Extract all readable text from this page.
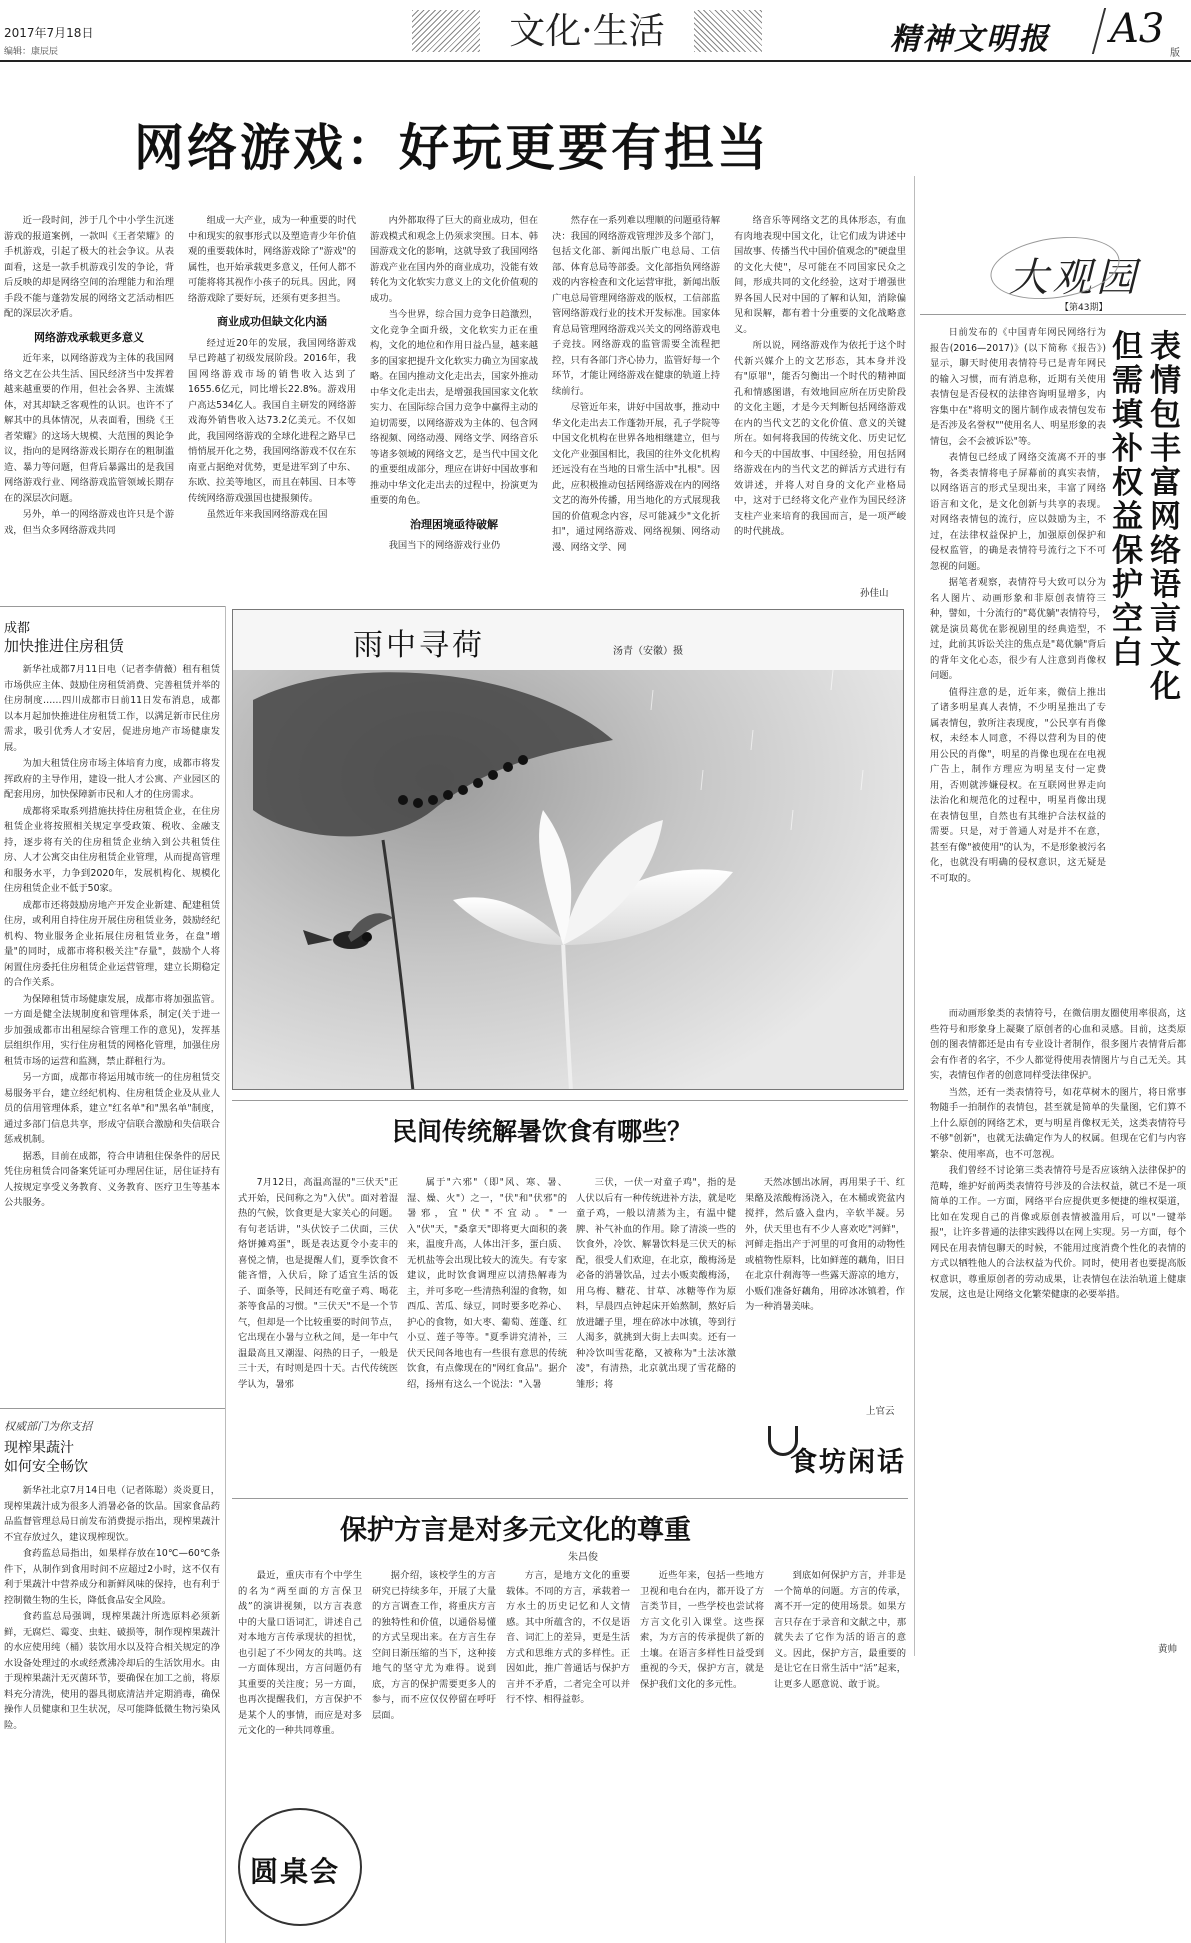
2017年7月18日
编辑：康辰辰	文化·生活	精神文明报 A3
版
网络游戏：好玩更要有担当

近一段时间，涉于几个中小学生沉迷游戏的报道案例，一款叫《王者荣耀》的手机游戏，引起了极大的社会争议。从表面看，这是一款手机游戏引发的争论，背后反映的却是网络空间的治理能力和治理手段不能与蓬勃发展的网络文艺活动相匹配的深层次矛盾。

网络游戏承载更多意义

近年来，以网络游戏为主体的我国网络文艺在公共生活、国民经济当中发挥着越来越重要的作用，但社会各界、主流媒体，对其却缺乏客观性的认识。也许不了解其中的具体情况，从表面看，围绕《王者荣耀》的这场大规模、大范围的舆论争议，指向的是网络游戏长期存在的粗制滥造、暴力等问题，但背后暴露出的是我国网络游戏行业、网络游戏监管领域长期存在的深层次问题。

另外，单一的网络游戏也许只是个游戏，但当众多网络游戏共同

组成一大产业，成为一种重要的时代中和现实的叙事形式以及塑造青少年价值观的重要载体时，网络游戏除了"游戏"的属性，也开始承载更多意义，任何人都不可能将将其视作小孩子的玩具。因此，网络游戏除了要好玩，还须有更多担当。

商业成功但缺文化内涵

经过近20年的发展，我国网络游戏早已跨越了初级发展阶段。2016年，我国网络游戏市场的销售收入达到了1655.6亿元，同比增长22.8%。游戏用户高达534亿人。我国自主研发的网络游戏海外销售收入达73.2亿美元。不仅如此，我国网络游戏的全球化进程之路早已悄悄展开化之势，我国网络游戏不仅在东南亚占据绝对优势，更是进军到了中东、东欧、拉美等地区，而且在韩国、日本等传统网络游戏强国也捷报频传。

虽然近年来我国网络游戏在国

内外都取得了巨大的商业成功，但在游戏模式和观念上仍须求突围。日本、韩国游戏文化的影响，这就导致了我国网络游戏产业在国内外的商业成功，没能有效转化为文化软实力意义上的文化价值观的成功。

当今世界，综合国力竞争日趋激烈，文化竞争全面升级，文化软实力正在重构，文化的地位和作用日益凸显，越来越多的国家把提升文化软实力确立为国家战略。在国内推动文化走出去，国家外推动中华文化走出去，是增强我国国家文化软实力、在国际综合国力竞争中赢得主动的迫切需要，以网络游戏为主体的、包含网络视频、网络动漫、网络文学、网络音乐等诸多领域的网络文艺，是当代中国文化的重要组成部分，理应在讲好中国故事和推动中华文化走出去的过程中，扮演更为重要的角色。

治理困境亟待破解

我国当下的网络游戏行业仍

然存在一系列难以理顺的问题亟待解决：我国的网络游戏管理涉及多个部门，包括文化部、新闻出版广电总局、工信部、体育总局等部委。文化部指负网络游戏的内容检查和文化运营审批，新闻出版广电总局管理网络游戏的版权，工信部监管网络游戏行业的技术开发标准。国家体育总局管理网络游戏兴关文的网络游戏电子竞技。网络游戏的监管需要全流程把控，只有各部门齐心协力，监管好每一个环节，才能让网络游戏在健康的轨道上持续前行。

尽管近年来，讲好中国故事，推动中华文化走出去工作蓬勃开展，孔子学院等中国文化机构在世界各地相继建立，但与文化产业强国相比，我国的往外文化机构还远没有在当地的日常生活中"扎根"。因此，应积极推动包括网络游戏在内的网络文艺的海外传播，用当地化的方式展现我国的价值观念内容，尽可能减少"文化折扣"，通过网络游戏、网络视频、网络动漫、网络文学、网

络音乐等网络文艺的具体形态，有血有肉地表现中国文化，让它们成为讲述中国故事、传播当代中国价值观念的"硬盘里的文化大使"，尽可能在不同国家民众之间，形成共同的文化经验，这对于增强世界各国人民对中国的了解和认知，消除偏见和误解，都有着十分重要的文化战略意义。

所以说，网络游戏作为依托于这个时代新兴媒介上的文艺形态，其本身并没有"原罪"，能否匀衡出一个时代的精神面孔和情感图谱，有效地回应所在历史阶段的文化主题，才是今天判断包括网络游戏在内的当代文艺的文化价值、意义的关键所在。如何将我国的传统文化、历史记忆和今天的中国故事、中国经验，用包括网络游戏在内的当代文艺的鲜活方式进行有效讲述，并将人对自身的文化产业格局中，这对于已经将文化产业作为国民经济支柱产业来培育的我国而言，是一项严峻的时代挑战。

孙佳山
大观园
【第43期】
表情包丰富网络语言文化
但需填补权益保护空白

日前发布的《中国青年网民网络行为报告(2016—2017)》(以下简称《报告》)显示，聊天时使用表情符号已是青年网民的输入习惯，而有消息称，近期有关使用表情包是否侵权的法律咨询明显增多，内容集中在"将明文的图片制作成表情包发布是否涉及名誉权""使用名人、明星形象的表情包，会不会被诉讼"等。

表情包已经成了网络交流离不开的事物，各类表情将电子屏幕前的真实表情，以网络语言的形式呈现出来，丰富了网络语言和文化，是文化创新与共享的表现。对网络表情包的流行，应以鼓励为主，不过，在法律权益保护上，加强原创保护和侵权监管，的确是表情符号流行之下不可忽视的问题。

据笔者观察，表情符号大致可以分为名人图片、动画形象和非原创表情符三种，譬如，十分流行的"葛优躺"表情符号，就是演员葛优在影视剧里的经典造型，不过，此前其诉讼关注的焦点是"葛优躺"背后的背年文化心态，很少有人注意到肖像权问题。

值得注意的是，近年来，微信上推出了诸多明星真人表情，不少明星推出了专属表情包，敦所注表现度，"公民享有肖像权，未经本人同意，不得以营利为目的使用公民的肖像"，明星的肖像也现在在电视广告上，制作方理应为明星支付一定费用，否则就涉嫌侵权。在互联网世界走向法治化和规范化的过程中，明星肖像出现在表情包里，自然也有其维护合法权益的需要。只是，对于普通人对是并不在意，甚至有像"被使用"的认为，不是形象被污名化，也就没有明确的侵权意识，这无疑是不可取的。

而动画形象类的表情符号，在微信朋友圈使用率很高，这些符号和形象身上凝聚了原创者的心血和灵感。目前，这类原创的图表情都还是由有专业设计者制作，很多图片表情背后都会有作者的名字，不少人都觉得使用表情图片与自己无关。其实，表情包作者的创意同样受法律保护。

当然，还有一类表情符号，如花草树木的图片，将日常事物随手一拍制作的表情包，甚至就是简单的失量图，它们算不上什么原创的网络艺术，更与明星肖像权无关，这类表情符号不够"创新"，也就无法确定作为人的权属。但现在它们与内容繁杂、使用率高，也不可忽视。

我们曾经不讨论第三类表情符号是否应该纳入法律保护的范畴，维护好前两类表情符号涉及的合法权益，就已不是一项简单的工作。一方面，网络平台应提供更多便捷的维权渠道，比如在发现自己的肖像或原创表情被滥用后，可以"一键举报"，让许多普通的法律实践得以在网上实现。另一方面，每个网民在用表情包聊天的时候，不能用过度消费个性化的表情的方式以牺牲他人的合法权益为代价。同时，使用者也要提高版权意识，尊重原创者的劳动成果，让表情包在法治轨道上健康发展，这也是让网络文化繁荣健康的必要举措。

黄帅
雨中寻荷	汤青（安徽）摄
成都
加快推进住房租赁

新华社成都7月11日电（记者李倩薇）租有租赁市场供应主体、鼓励住房租赁消费、完善租赁并举的住房制度……四川成都市日前11日发布消息，成都以本月起加快推进住房租赁工作，以满足新市民住房需求，吸引优秀人才安居，促进房地产市场健康发展。

为加大租赁住房市场主体培育力度，成都市将发挥政府的主导作用，建设一批人才公寓、产业园区的配套用房，加快保障新市民和人才的住房需求。

成都将采取系列措施扶持住房租赁企业，在住房租赁企业将按照相关规定享受政策、税收、金融支持，逐步将有关的住房租赁企业纳入到公共租赁住房、人才公寓交由住房租赁企业管理，从而提高管理和服务水平，力争到2020年，发展机构化、规模化住房租赁企业不低于50家。

成都市还将鼓励房地产开发企业新建、配建租赁住房，或利用自持住房开展住房租赁业务，鼓励经纪机构、物业服务企业拓展住房租赁业务，在盘"增量"的同时，成都市将积极关注"存量"，鼓励个人将闲置住房委托住房租赁企业运营管理，建立长期稳定的合作关系。

为保障租赁市场健康发展，成都市将加强监管。一方面是健全法规制度和管理体系，制定(关于进一步加强成都市出租屋综合管理工作的意见)，发挥基层组织作用，实行住房租赁的网格化管理，加强住房租赁市场的运营和监测，禁止群租行为。

另一方面，成都市将运用城市统一的住房租赁交易服务平台，建立经纪机构、住房租赁企业及从业人员的信用管理体系，建立"红名单"和"黑名单"制度，通过多部门信息共享，形成守信联合激励和失信联合惩戒机制。

据悉，目前在成都，符合申请租住保条件的居民凭住房租赁合同备案凭证可办理居住证，居住证持有人按规定享受义务教育、义务教育、医疗卫生等基本公共服务。

权威部门为你支招
现榨果蔬汁
如何安全畅饮

新华社北京7月14日电（记者陈聪）炎炎夏日，现榨果蔬汁成为很多人消暑必备的饮品。国家食品药品监督管理总局日前发布消费提示指出，现榨果蔬汁不宜存放过久，建议现榨现饮。

食药监总局指出，如果样存放在10℃—60℃条件下，从制作到食用时间不应超过2小时，这不仅有利于果蔬汁中营养成分和新鲜风味的保持，也有利于控制微生物的生长，降低食品安全风险。

食药监总局强调，现榨果蔬汁所选原料必须新鲜，无腐烂、霉变、虫蛀、破损等，制作现榨果蔬汁的水应使用纯（桶）装饮用水以及符合相关规定的净水设备处理过的水或经煮沸冷却后的生活饮用水。由于现榨果蔬汁无灭菌环节，要确保在加工之前，将原料充分清洗，使用的器具彻底清洁并定期消毒，确保操作人员健康和卫生状况，尽可能降低微生物污染风险。

民间传统解暑饮食有哪些？

7月12日，高温高湿的"三伏天"正式开始，民间称之为"入伏"。面对着湿热的气候，饮食更是大家关心的问题。有句老话讲，"头伏饺子二伏面，三伏烙饼摊鸡蛋"，既是表达夏令小麦丰的喜悦之情，也是提醒人们，夏季饮食不能吝惜，入伏后，除了适宜生活的饭子、面条等，民间还有吃童子鸡、喝花茶等食品的习惯。"三伏天"不是一个节气，但却是一个比较重要的时间节点，它出现在小暑与立秋之间，是一年中气温最高且又潮湿、闷热的日子，一般是三十天，有时则是四十天。古代传统医学认为，暑邪

属于"六邪"（即"风、寒、暑、湿、燥、火"）之一，"伏"和"伏邪"的暑邪，宜"伏"不宜动。"一入"伏"天，"桑拿天"即将更大面积的袭来，温度升高，人体出汗多，蛋白质、无机盐等会出现比较大的流失。有专家建议，此时饮食调理应以清热解毒为主，并可多吃一些清热利湿的食物，如西瓜、苦瓜、绿豆，同时要多吃养心、护心的食物，如大枣、葡萄、莲蓬、红小豆、莲子等等。"夏季讲究清补，三伏天民间各地也有一些很有意思的传统饮食，有点像现在的"网红食品"。据介绍，扬州有这么一个说法："入暑

三伏，一伏一对童子鸡"，指的是人伏以后有一种传统进补方法，就是吃童子鸡，一般以清蒸为主，有温中健脾、补气补血的作用。除了清淡一些的饮食外，冷饮、解暑饮料是三伏天的标配，很受人们欢迎，在北京，酸梅汤是必备的消暑饮品，过去小贩卖酸梅汤，用乌梅、糖花、甘草、冰糖等作为原料，早晨四点钟起床开始熬制，熬好后放进罐子里，埋在碎冰中冰镇，等到行人渴多，就挑到大街上去叫卖。还有一种冷饮叫雪花酪，又被称为"土法冰激凌"，有清热，北京就出现了雪花酪的雏形；将

天然冰刨出冰屑，再用果子干、红果酪及浓酸梅汤浇入，在木桶或瓷盆内搅拌，然后盛入盘内，辛软半凝。另外，伏天里也有不少人喜欢吃"河鲜"，河鲜走指出产于河里的可食用的动物性或植物性原料，比如鲜莲的藕角，旧日在北京什刹海等一些露天游凉的地方，小贩们准备好藕角，用碎冰冰镇着，作为一种消暑美味。

上官云
食坊闲话
保护方言是对多元文化的尊重
朱昌俊

最近，重庆市有个中学生的名为“两至面的方言保卫战”的演讲视频，以方言表意中的大量口语词汇，讲述自己对本地方言传承现状的担忧，也引起了不少网友的共鸣。这一方面体现出，方言问题仍有其重要的关注度；另一方面，也再次提醒我们，方言保护不是某个人的事情，而应是对多元文化的一种共同尊重。

据介绍，该校学生的方言研究已持续多年，开展了大量的方言调查工作，将重庆方言的独特性和价值，以通俗易懂的方式呈现出来。在方言生存空间日渐压缩的当下，这种接地气的坚守尤为难得。说到底，方言的保护需要更多人的参与，而不应仅仅停留在呼吁层面。

方言，是地方文化的重要载体。不同的方言，承载着一方水土的历史记忆和人文情感。其中所蕴含的，不仅是语音、词汇上的差异，更是生活方式和思维方式的多样性。正因如此，推广普通话与保护方言并不矛盾，二者完全可以并行不悖、相得益彰。

近些年来，包括一些地方卫视和电台在内，都开设了方言类节目，一些学校也尝试将方言文化引入课堂。这些探索，为方言的传承提供了新的土壤。在语言多样性日益受到重视的今天，保护方言，就是保护我们文化的多元性。

到底如何保护方言，并非是一个简单的问题。方言的传承，离不开一定的使用场景。如果方言只存在于录音和文献之中，那就失去了它作为活的语言的意义。因此，保护方言，最重要的是让它在日常生活中“活”起来，让更多人愿意说、敢于说。

圆桌会
